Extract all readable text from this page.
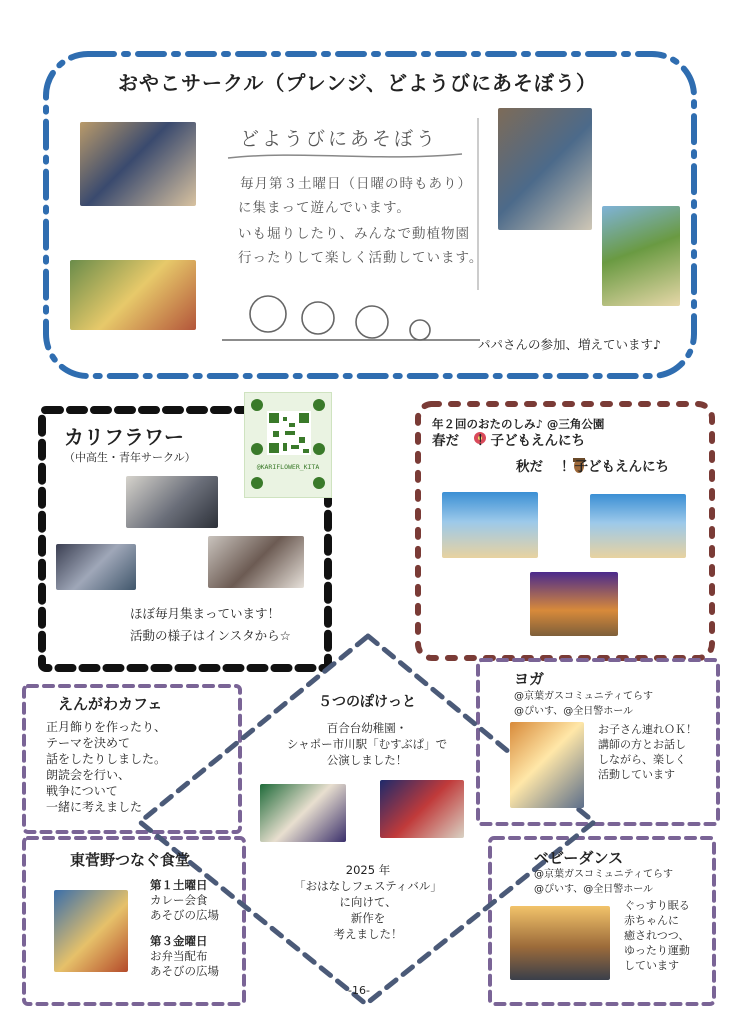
おやこサークル（プレンジ、どようびにあそぼう）
どようびにあそぼう
毎月第３土曜日（日曜の時もあり）
に集まって遊んでいます。
いも堀りしたり、みんなで動植物園
行ったりして楽しく活動しています。
パパさんの参加、増えています♪
カリフラワー
（中高生・青年サークル）
@KARIFLOWER_KITA
ほぼ毎月集まっています！
活動の様子はインスタから☆
年２回のおたのしみ♪ @三角公園
春だ ！子どもえんにち
秋だ ！子どもえんにち
えんがわカフェ
正月飾りを作ったり、
テーマを決めて
話をしたりしました。
朗読会を行い、
戦争について
一緒に考えました
５つのぽけっと
百合台幼稚園・
シャポー市川駅「むすぶぱ」で
公演しました！
2025 年
「おはなしフェスティバル」
に向けて、
新作を
考えました！
ヨガ
@京葉ガスコミュニティてらす
@ぴいす、@全日警ホール
お子さん連れＯＫ！
講師の方とお話し
しながら、楽しく
活動しています
東菅野つなぐ食堂
第１土曜日
カレー会食
あそびの広場
第３金曜日
お弁当配布
あそびの広場
ベビーダンス
@京葉ガスコミュニティてらす
@ぴいす、@全日警ホール
ぐっすり眠る
赤ちゃんに
癒されつつ、
ゆったり運動
しています
-16-
